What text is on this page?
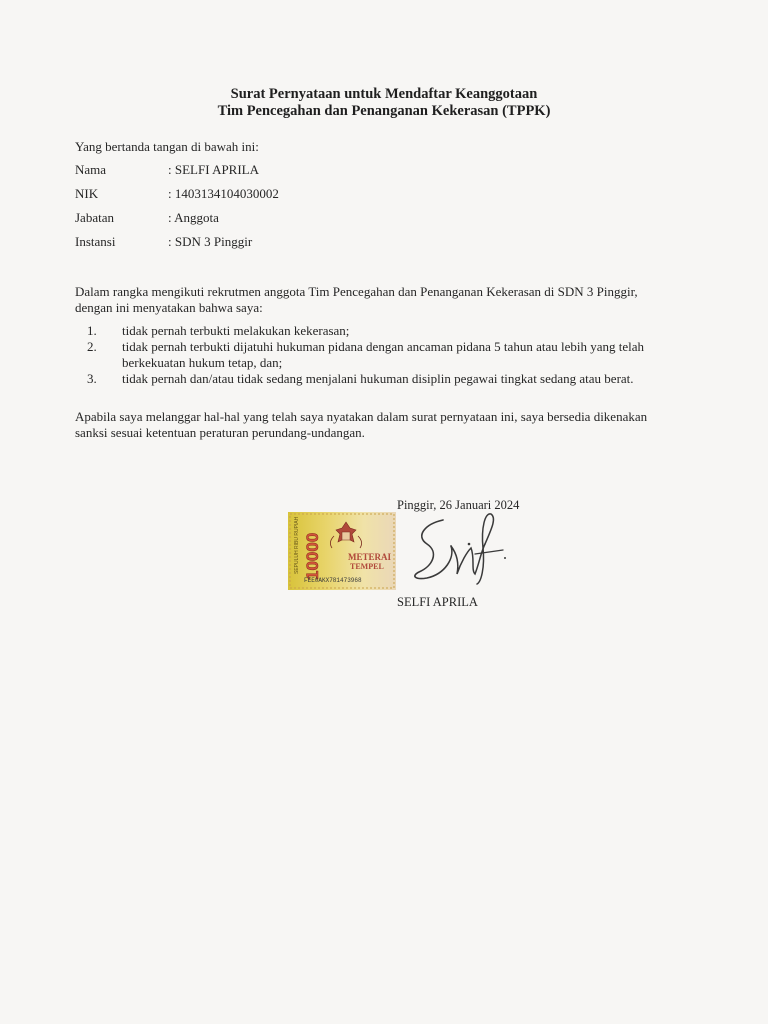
Surat Pernyataan untuk Mendaftar Keanggotaan
Tim Pencegahan dan Penanganan Kekerasan (TPPK)
Yang bertanda tangan di bawah ini:
Nama	: SELFI APRILA
NIK	: 1403134104030002
Jabatan	: Anggota
Instansi	: SDN 3 Pinggir
Dalam rangka mengikuti rekrutmen anggota Tim Pencegahan dan Penanganan Kekerasan di SDN 3 Pinggir, dengan ini menyatakan bahwa saya:
1.	tidak pernah terbukti melakukan kekerasan;
2.	tidak pernah terbukti dijatuhi hukuman pidana dengan ancaman pidana 5 tahun atau lebih yang telah berkekuatan hukum tetap, dan;
3.	tidak pernah dan/atau tidak sedang menjalani hukuman disiplin pegawai tingkat sedang atau berat.
Apabila saya melanggar hal-hal yang telah saya nyatakan dalam surat pernyataan ini, saya bersedia dikenakan sanksi sesuai ketentuan peraturan perundang-undangan.
Pinggir, 26 Januari 2024
SEPULUH RIBU RUPIAH 10000	METERAI
TEMPEL
FEE0AKX781473968
SELFI APRILA
